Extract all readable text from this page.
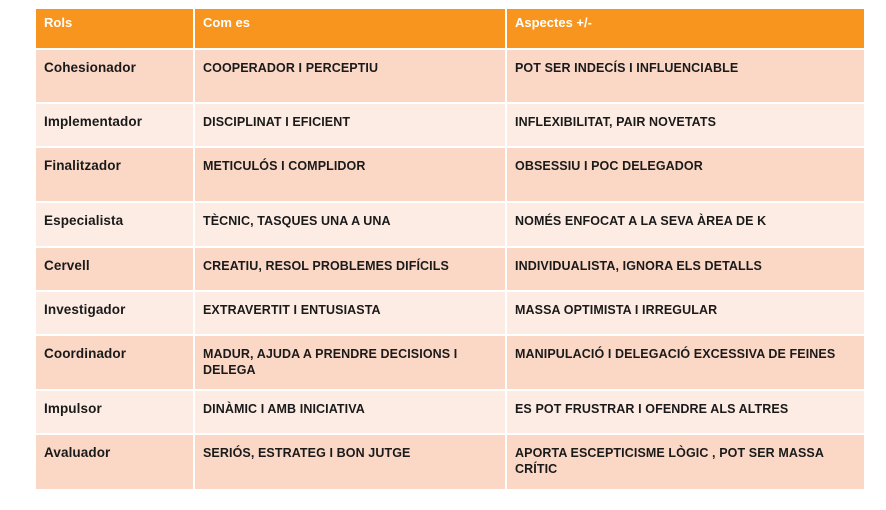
Rols	Com es	Aspectes +/-
Cohesionador	COOPERADOR I PERCEPTIU	POT SER INDECÍS I INFLUENCIABLE
Implementador	DISCIPLINAT I EFICIENT	INFLEXIBILITAT, PAIR NOVETATS
Finalitzador	METICULÓS I COMPLIDOR	OBSESSIU I POC DELEGADOR
Especialista	TÈCNIC, TASQUES UNA A UNA	NOMÉS ENFOCAT A LA SEVA ÀREA DE K
Cervell	CREATIU, RESOL PROBLEMES DIFÍCILS	INDIVIDUALISTA, IGNORA ELS DETALLS
Investigador	EXTRAVERTIT I ENTUSIASTA	MASSA OPTIMISTA I IRREGULAR
Coordinador	MADUR, AJUDA A PRENDRE DECISIONS I DELEGA	MANIPULACIÓ I DELEGACIÓ EXCESSIVA DE FEINES
Impulsor	DINÀMIC I AMB INICIATIVA	ES POT FRUSTRAR I OFENDRE ALS ALTRES
Avaluador	SERIÓS, ESTRATEG I BON JUTGE	APORTA ESCEPTICISME LÒGIC , POT SER MASSA CRÍTIC
